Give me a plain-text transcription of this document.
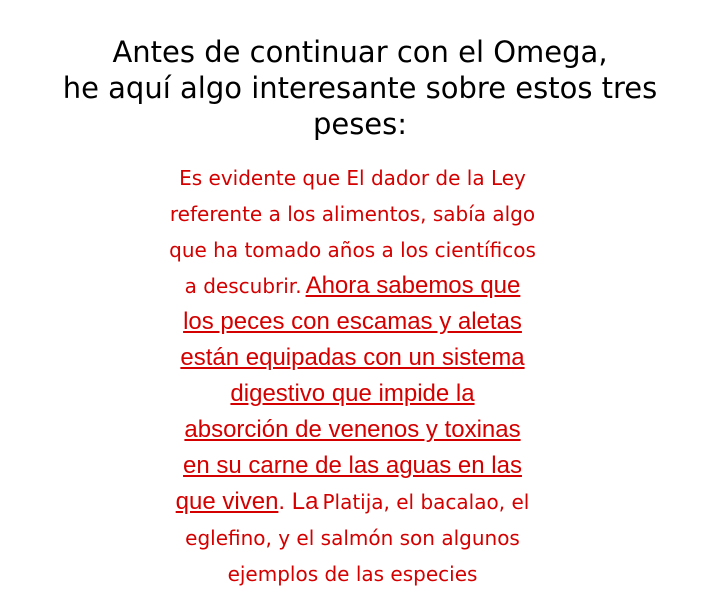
Antes de continuar con el Omega,
he aquí algo interesante sobre estos tres
peses:
Es evidente que El dador de la Ley
referente a los alimentos, sabía algo
que ha tomado años a los científicos
a descubrir. Ahora sabemos que
los peces con escamas y aletas
están equipadas con un sistema
digestivo que impide la
absorción de venenos y toxinas
en su carne de las aguas en las
que viven. La Platija, el bacalao, el
eglefino, y el salmón son algunos
ejemplos de las especies
